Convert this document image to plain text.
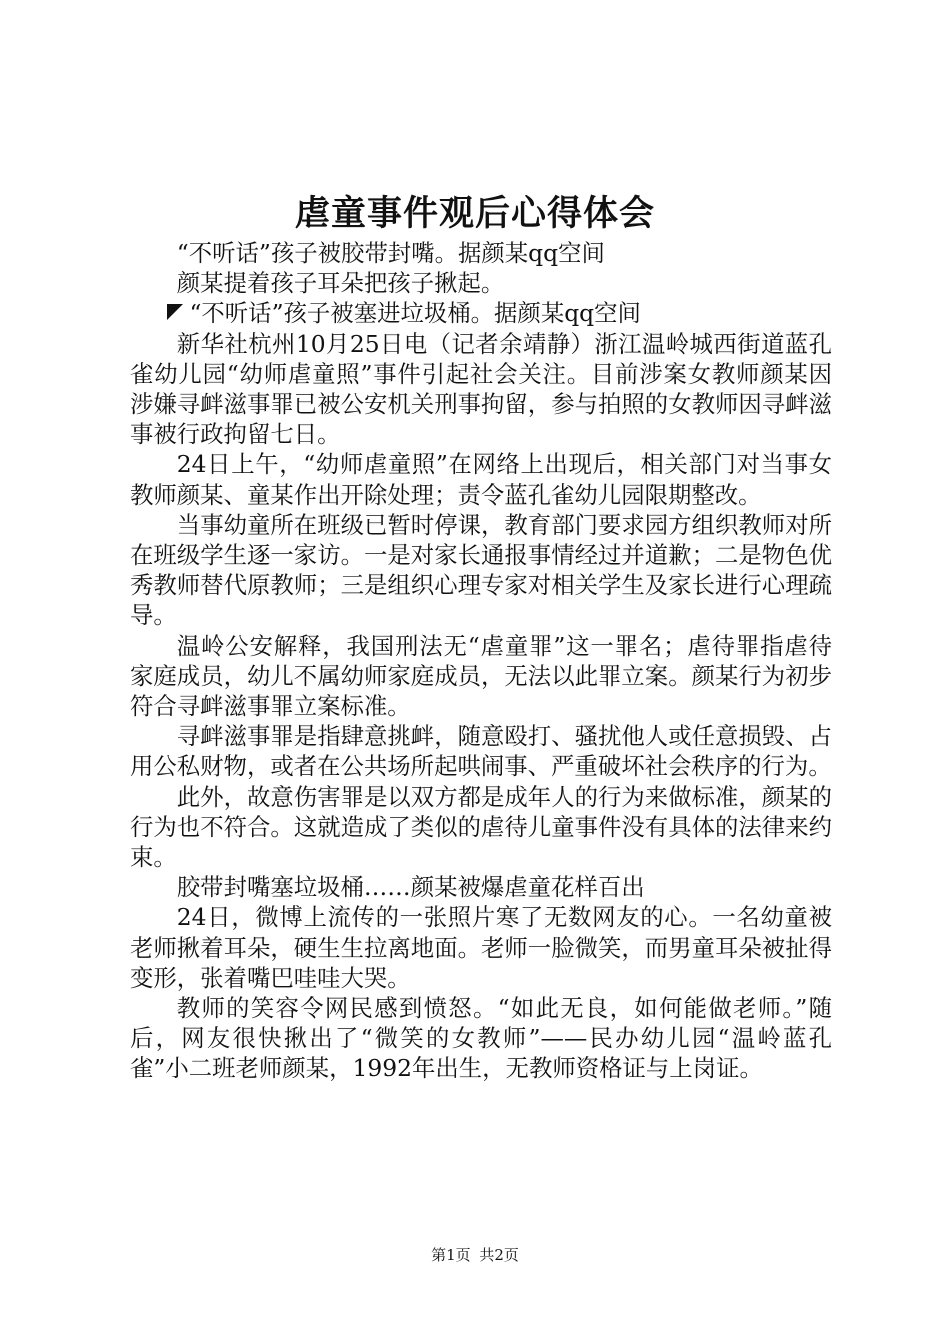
虐童事件观后心得体会

“不听话”孩子被胶带封嘴。据颜某qq空间

颜某提着孩子耳朵把孩子揪起。

“不听话”孩子被塞进垃圾桶。据颜某qq空间

新华社杭州10月25日电（记者余靖静）浙江温岭城西街道蓝孔雀幼儿园“幼师虐童照”事件引起社会关注。目前涉案女教师颜某因涉嫌寻衅滋事罪已被公安机关刑事拘留，参与拍照的女教师因寻衅滋事被行政拘留七日。

24日上午，“幼师虐童照”在网络上出现后，相关部门对当事女教师颜某、童某作出开除处理；责令蓝孔雀幼儿园限期整改。

当事幼童所在班级已暂时停课，教育部门要求园方组织教师对所在班级学生逐一家访。一是对家长通报事情经过并道歉；二是物色优秀教师替代原教师；三是组织心理专家对相关学生及家长进行心理疏导。

温岭公安解释，我国刑法无“虐童罪”这一罪名；虐待罪指虐待家庭成员，幼儿不属幼师家庭成员，无法以此罪立案。颜某行为初步符合寻衅滋事罪立案标准。

寻衅滋事罪是指肆意挑衅，随意殴打、骚扰他人或任意损毁、占用公私财物，或者在公共场所起哄闹事、严重破坏社会秩序的行为。

此外，故意伤害罪是以双方都是成年人的行为来做标准，颜某的行为也不符合。这就造成了类似的虐待儿童事件没有具体的法律来约束。

胶带封嘴塞垃圾桶……颜某被爆虐童花样百出

24日，微博上流传的一张照片寒了无数网友的心。一名幼童被老师揪着耳朵，硬生生拉离地面。老师一脸微笑，而男童耳朵被扯得变形，张着嘴巴哇哇大哭。

教师的笑容令网民感到愤怒。“如此无良，如何能做老师。”随后，网友很快揪出了“微笑的女教师”——民办幼儿园“温岭蓝孔雀”小二班老师颜某，1992年出生，无教师资格证与上岗证。

第1页 共2页
